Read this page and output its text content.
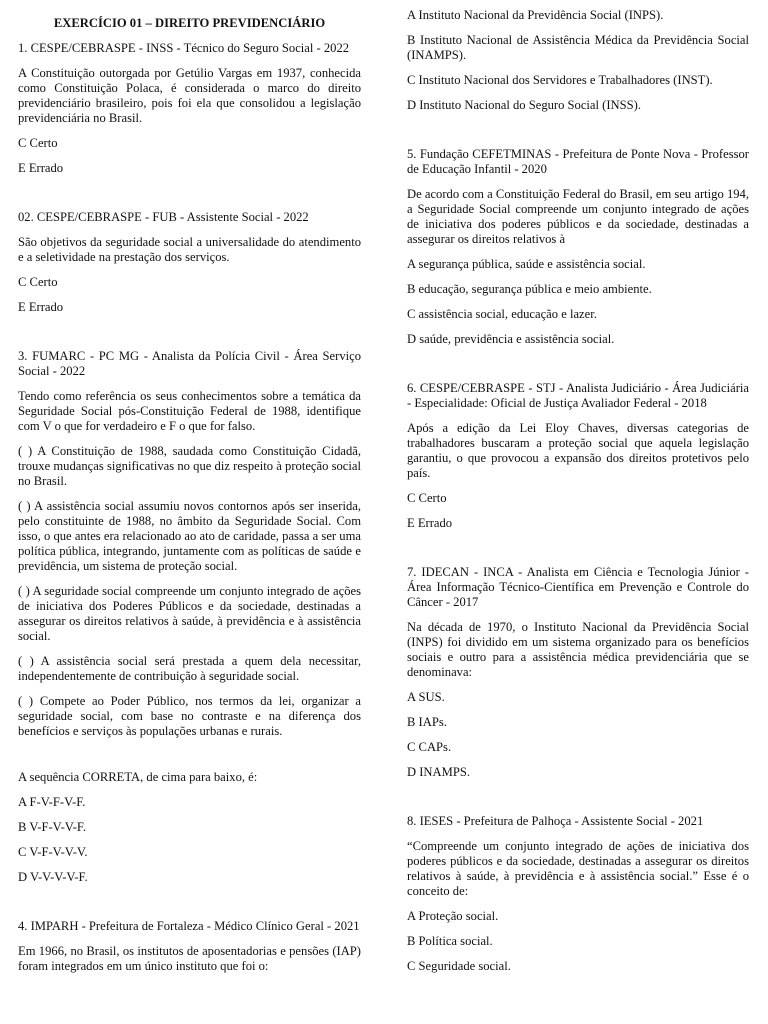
EXERCÍCIO 01 – DIREITO PREVIDENCIÁRIO

1. CESPE/CEBRASPE - INSS - Técnico do Seguro Social - 2022

A Constituição outorgada por Getúlio Vargas em 1937, conhecida como Constituição Polaca, é considerada o marco do direito previdenciário brasileiro, pois foi ela que consolidou a legislação previdenciária no Brasil.

C Certo

E Errado

02. CESPE/CEBRASPE - FUB - Assistente Social - 2022

São objetivos da seguridade social a universalidade do atendimento e a seletividade na prestação dos serviços.

C Certo

E Errado

3. FUMARC - PC MG - Analista da Polícia Civil - Área Serviço Social - 2022

Tendo como referência os seus conhecimentos sobre a temática da Seguridade Social pós-Constituição Federal de 1988, identifique com V o que for verdadeiro e F o que for falso.

( ) A Constituição de 1988, saudada como Constituição Cidadã, trouxe mudanças significativas no que diz respeito à proteção social no Brasil.

( ) A assistência social assumiu novos contornos após ser inserida, pelo constituinte de 1988, no âmbito da Seguridade Social. Com isso, o que antes era relacionado ao ato de caridade, passa a ser uma política pública, integrando, juntamente com as políticas de saúde e previdência, um sistema de proteção social.

( ) A seguridade social compreende um conjunto integrado de ações de iniciativa dos Poderes Públicos e da sociedade, destinadas a assegurar os direitos relativos à saúde, à previdência e à assistência social.

( ) A assistência social será prestada a quem dela necessitar, independentemente de contribuição à seguridade social.

( ) Compete ao Poder Público, nos termos da lei, organizar a seguridade social, com base no contraste e na diferença dos benefícios e serviços às populações urbanas e rurais.

A sequência CORRETA, de cima para baixo, é:

A F-V-F-V-F.

B V-F-V-V-F.

C V-F-V-V-V.

D V-V-V-V-F.

4. IMPARH - Prefeitura de Fortaleza - Médico Clínico Geral - 2021

Em 1966, no Brasil, os institutos de aposentadorias e pensões (IAP) foram integrados em um único instituto que foi o:

A Instituto Nacional da Previdência Social (INPS).

B Instituto Nacional de Assistência Médica da Previdência Social (INAMPS).

C Instituto Nacional dos Servidores e Trabalhadores (INST).

D Instituto Nacional do Seguro Social (INSS).

5. Fundação CEFETMINAS - Prefeitura de Ponte Nova - Professor de Educação Infantil - 2020

De acordo com a Constituição Federal do Brasil, em seu artigo 194, a Seguridade Social compreende um conjunto integrado de ações de iniciativa dos poderes públicos e da sociedade, destinadas a assegurar os direitos relativos à

A segurança pública, saúde e assistência social.

B educação, segurança pública e meio ambiente.

C assistência social, educação e lazer.

D saúde, previdência e assistência social.

6. CESPE/CEBRASPE - STJ - Analista Judiciário - Área Judiciária - Especialidade: Oficial de Justiça Avaliador Federal - 2018

Após a edição da Lei Eloy Chaves, diversas categorias de trabalhadores buscaram a proteção social que aquela legislação garantiu, o que provocou a expansão dos direitos protetivos pelo país.

C Certo

E Errado

7. IDECAN - INCA - Analista em Ciência e Tecnologia Júnior - Área Informação Técnico-Científica em Prevenção e Controle do Câncer - 2017

Na década de 1970, o Instituto Nacional da Previdência Social (INPS) foi dividido em um sistema organizado para os benefícios sociais e outro para a assistência médica previdenciária que se denominava:

A SUS.

B IAPs.

C CAPs.

D INAMPS.

8. IESES - Prefeitura de Palhoça - Assistente Social - 2021

“Compreende um conjunto integrado de ações de iniciativa dos poderes públicos e da sociedade, destinadas a assegurar os direitos relativos à saúde, à previdência e à assistência social.” Esse é o conceito de:

A Proteção social.

B Política social.

C Seguridade social.
